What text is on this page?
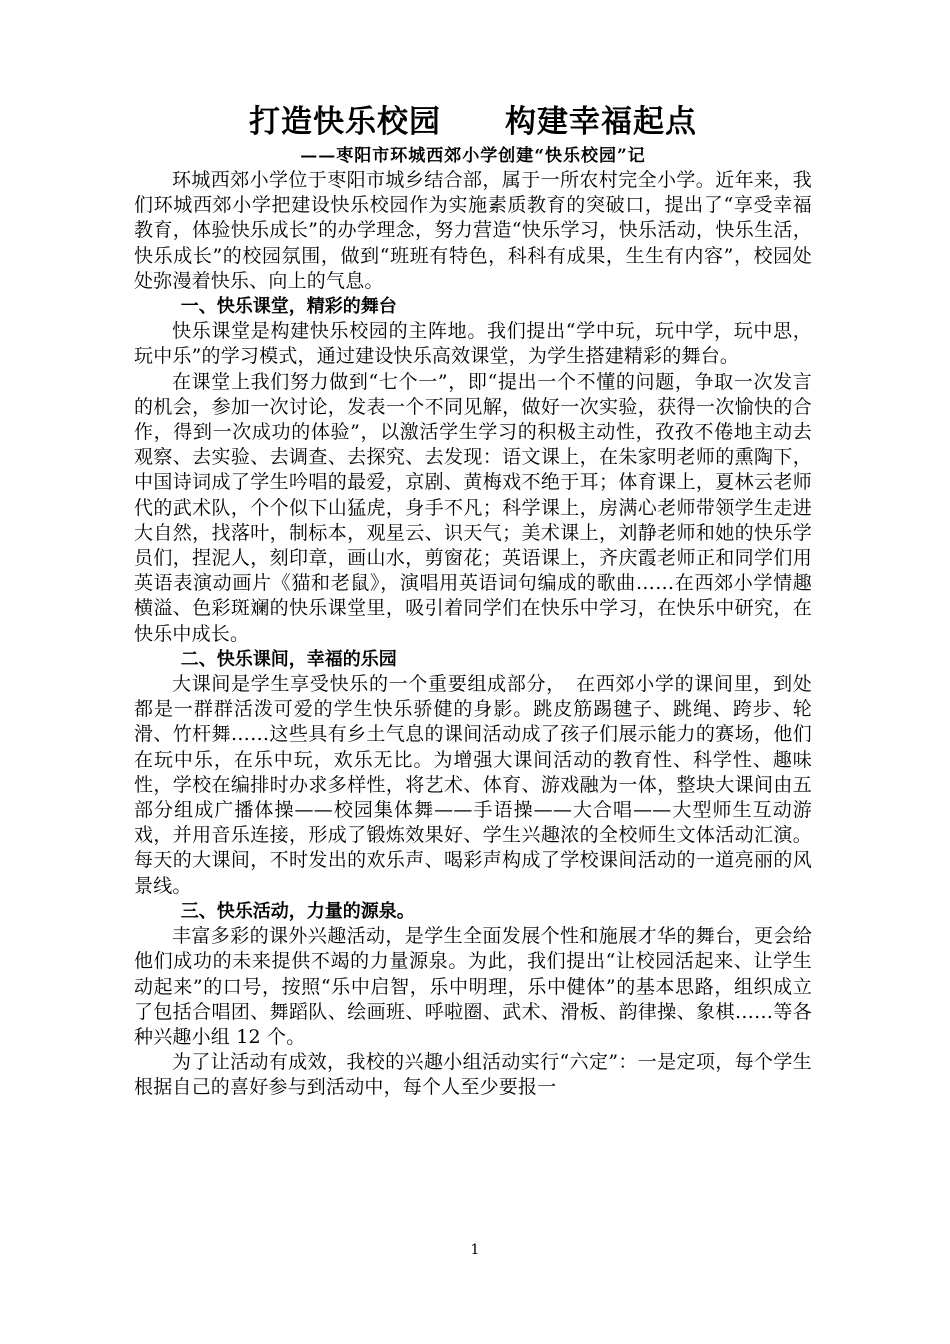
打造快乐校园　　构建幸福起点
——枣阳市环城西郊小学创建“快乐校园”记

环城西郊小学位于枣阳市城乡结合部，属于一所农村完全小学。近年来，我们环城西郊小学把建设快乐校园作为实施素质教育的突破口，提出了“享受幸福教育，体验快乐成长”的办学理念，努力营造“快乐学习，快乐活动，快乐生活，快乐成长”的校园氛围，做到“班班有特色，科科有成果，生生有内容”，校园处处弥漫着快乐、向上的气息。

一、快乐课堂，精彩的舞台

快乐课堂是构建快乐校园的主阵地。我们提出“学中玩，玩中学，玩中思，玩中乐”的学习模式，通过建设快乐高效课堂，为学生搭建精彩的舞台。

在课堂上我们努力做到“七个一”，即“提出一个不懂的问题，争取一次发言的机会，参加一次讨论，发表一个不同见解，做好一次实验，获得一次愉快的合作，得到一次成功的体验”，以激活学生学习的积极主动性，孜孜不倦地主动去观察、去实验、去调查、去探究、去发现：语文课上，在朱家明老师的熏陶下，中国诗词成了学生吟唱的最爱，京剧、黄梅戏不绝于耳；体育课上，夏林云老师代的武术队，个个似下山猛虎，身手不凡；科学课上，房满心老师带领学生走进大自然，找落叶，制标本，观星云、识天气；美术课上，刘静老师和她的快乐学员们，捏泥人，刻印章，画山水，剪窗花；英语课上，齐庆霞老师正和同学们用英语表演动画片《猫和老鼠》，演唱用英语词句编成的歌曲……在西郊小学情趣横溢、色彩斑斓的快乐课堂里，吸引着同学们在快乐中学习，在快乐中研究，在快乐中成长。

二、快乐课间，幸福的乐园

大课间是学生享受快乐的一个重要组成部分，　在西郊小学的课间里，到处都是一群群活泼可爱的学生快乐骄健的身影。跳皮筋踢毽子、跳绳、跨步、轮滑、竹杆舞……这些具有乡土气息的课间活动成了孩子们展示能力的赛场，他们在玩中乐，在乐中玩，欢乐无比。为增强大课间活动的教育性、科学性、趣味性，学校在编排时办求多样性，将艺术、体育、游戏融为一体，整块大课间由五部分组成广播体操——校园集体舞——手语操——大合唱——大型师生互动游戏，并用音乐连接，形成了锻炼效果好、学生兴趣浓的全校师生文体活动汇演。每天的大课间，不时发出的欢乐声、喝彩声构成了学校课间活动的一道亮丽的风景线。

三、快乐活动，力量的源泉。

丰富多彩的课外兴趣活动，是学生全面发展个性和施展才华的舞台，更会给他们成功的未来提供不竭的力量源泉。为此，我们提出“让校园活起来、让学生动起来”的口号，按照“乐中启智，乐中明理，乐中健体”的基本思路，组织成立了包括合唱团、舞蹈队、绘画班、呼啦圈、武术、滑板、韵律操、象棋……等各种兴趣小组 12 个。

为了让活动有成效，我校的兴趣小组活动实行“六定”：一是定项，每个学生根据自己的喜好参与到活动中，每个人至少要报一

1
